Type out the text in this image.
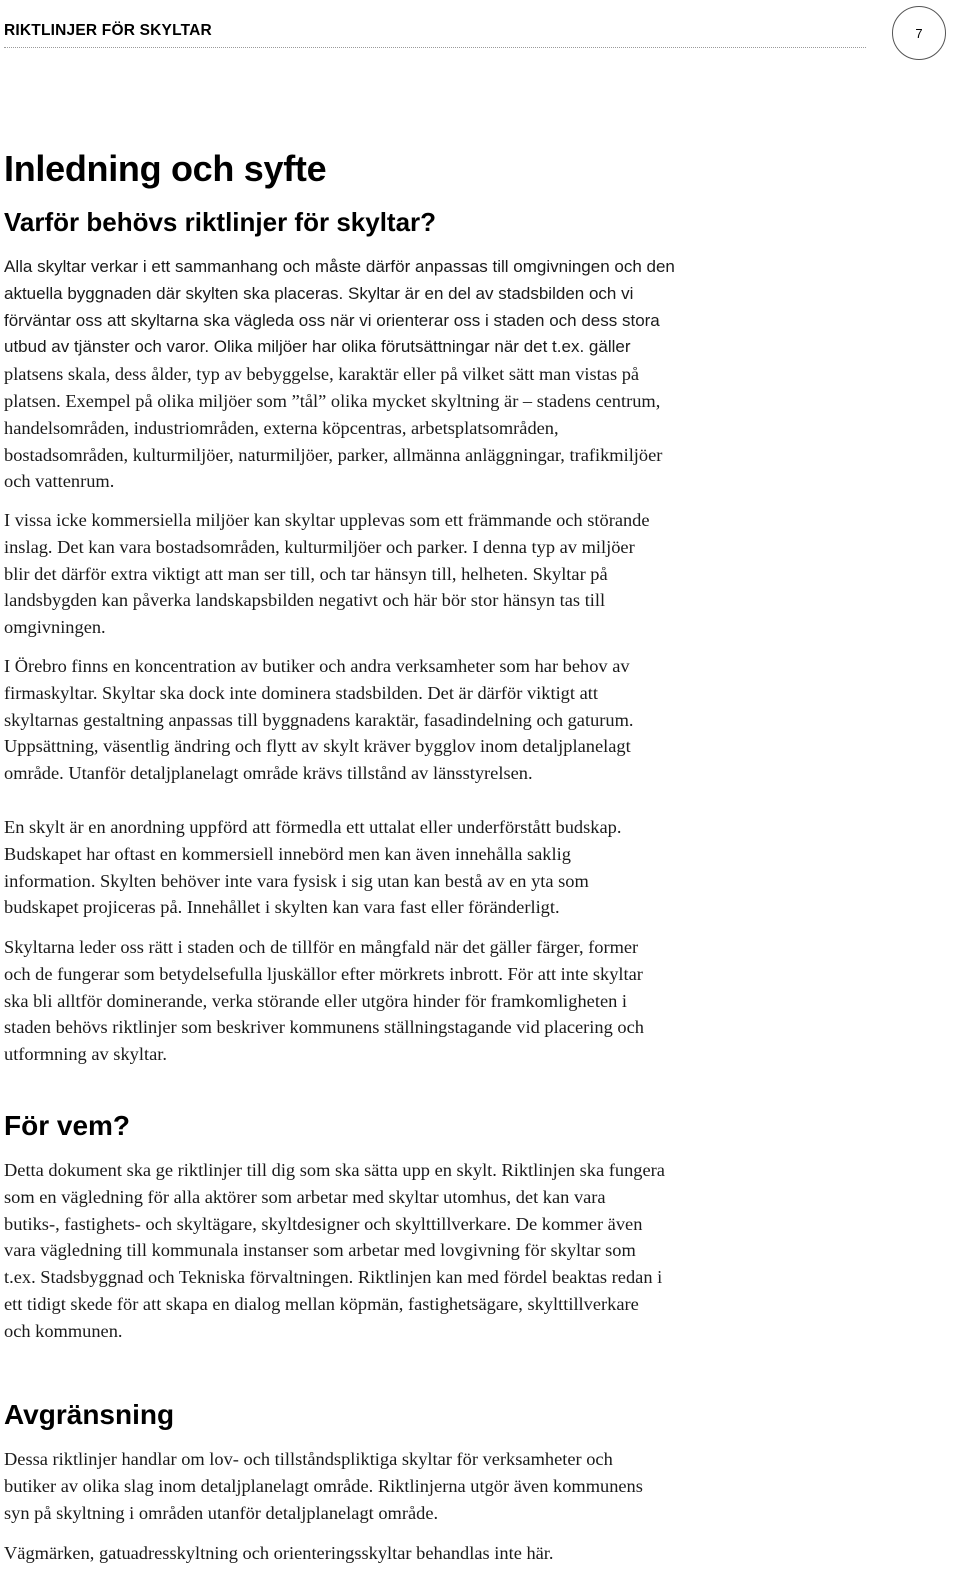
RIKTLINJER FÖR SKYLTAR	7
Inledning och syfte
Varför behövs riktlinjer för skyltar?
Alla skyltar verkar i ett sammanhang och måste därför anpassas till omgivningen och den
aktuella byggnaden där skylten ska placeras. Skyltar är en del av stadsbilden och vi
förväntar oss att skyltarna ska vägleda oss när vi orienterar oss i staden och dess stora
utbud av tjänster och varor. Olika miljöer har olika förutsättningar när det t.ex. gäller
platsens skala, dess ålder, typ av bebyggelse, karaktär eller på vilket sätt man vistas på
platsen. Exempel på olika miljöer som ”tål” olika mycket skyltning är – stadens centrum,
handelsområden, industriområden, externa köpcentras, arbetsplatsområden,
bostadsområden, kulturmiljöer, naturmiljöer, parker, allmänna anläggningar, trafikmiljöer
och vattenrum.
I vissa icke kommersiella miljöer kan skyltar upplevas som ett främmande och störande
inslag. Det kan vara bostadsområden, kulturmiljöer och parker. I denna typ av miljöer
blir det därför extra viktigt att man ser till, och tar hänsyn till, helheten. Skyltar på
landsbygden kan påverka landskapsbilden negativt och här bör stor hänsyn tas till
omgivningen.
I Örebro finns en koncentration av butiker och andra verksamheter som har behov av
firmaskyltar. Skyltar ska dock inte dominera stadsbilden. Det är därför viktigt att
skyltarnas gestaltning anpassas till byggnadens karaktär, fasadindelning och gaturum.
Uppsättning, väsentlig ändring och flytt av skylt kräver bygglov inom detaljplanelagt
område. Utanför detaljplanelagt område krävs tillstånd av länsstyrelsen.
En skylt är en anordning uppförd att förmedla ett uttalat eller underförstått budskap.
Budskapet har oftast en kommersiell innebörd men kan även innehålla saklig
information. Skylten behöver inte vara fysisk i sig utan kan bestå av en yta som
budskapet projiceras på. Innehållet i skylten kan vara fast eller föränderligt.
Skyltarna leder oss rätt i staden och de tillför en mångfald när det gäller färger, former
och de fungerar som betydelsefulla ljuskällor efter mörkrets inbrott. För att inte skyltar
ska bli alltför dominerande, verka störande eller utgöra hinder för framkomligheten i
staden behövs riktlinjer som beskriver kommunens ställningstagande vid placering och
utformning av skyltar.
För vem?
Detta dokument ska ge riktlinjer till dig som ska sätta upp en skylt. Riktlinjen ska fungera
som en vägledning för alla aktörer som arbetar med skyltar utomhus, det kan vara
butiks-, fastighets- och skyltägare, skyltdesigner och skylttillverkare. De kommer även
vara vägledning till kommunala instanser som arbetar med lovgivning för skyltar som
t.ex. Stadsbyggnad och Tekniska förvaltningen. Riktlinjen kan med fördel beaktas redan i
ett tidigt skede för att skapa en dialog mellan köpmän, fastighetsägare, skylttillverkare
och kommunen.
Avgränsning
Dessa riktlinjer handlar om lov- och tillståndspliktiga skyltar för verksamheter och
butiker av olika slag inom detaljplanelagt område. Riktlinjerna utgör även kommunens
syn på skyltning i områden utanför detaljplanelagt område.
Vägmärken, gatuadresskyltning och orienteringsskyltar behandlas inte här.
